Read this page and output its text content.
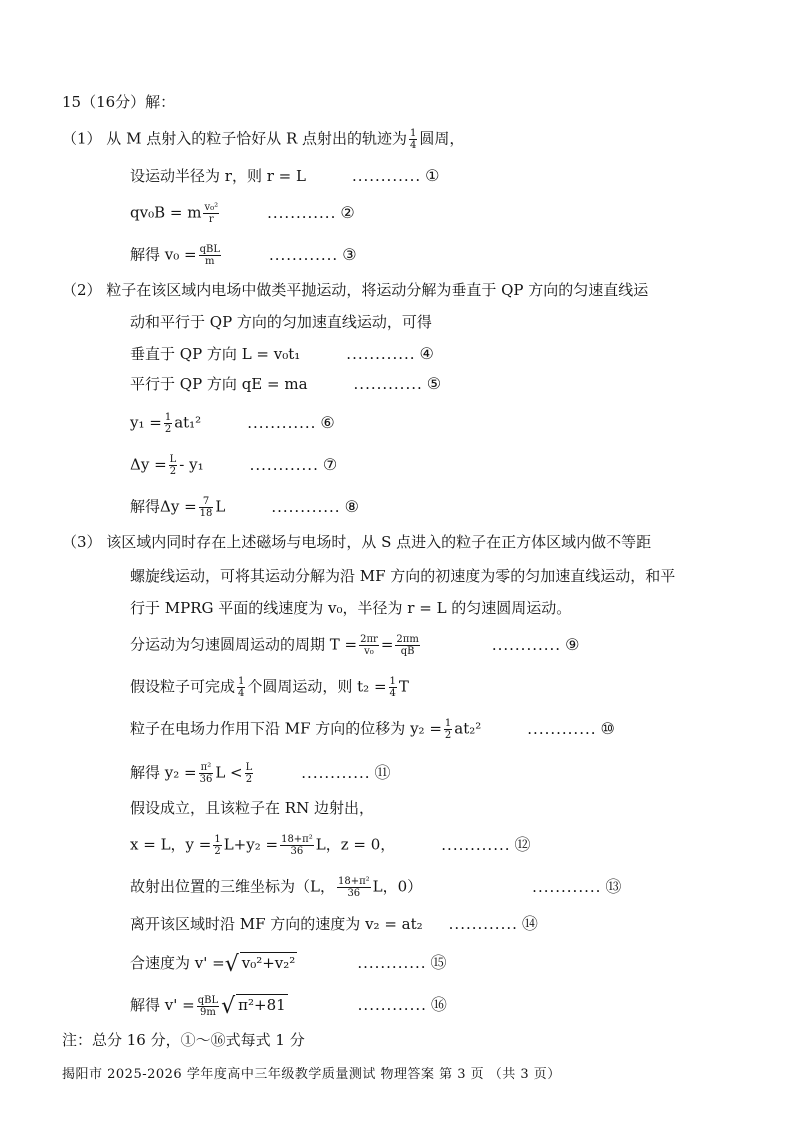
15（16分）解：
（1） 从 M 点射入的粒子恰好从 R 点射出的轨迹为 $\frac{1}{4}$ 圆周，
设运动半径为 r，则 r = L	............ ①
qv₀B = m $\frac{\text{v₀²}}{r}$	............ ②
解得 $v_0 = \frac{\text{qBL}}{m}$	............ ③
（2） 粒子在该区域内电场中做类平抛运动，将运动分解为垂直于 QP 方向的匀速直线运
动和平行于 QP 方向的匀加速直线运动，可得
垂直于 QP 方向 L = v₀t₁	............ ④
平行于 QP 方向 qE = ma	............ ⑤
$y_1 = \frac{1}{2} at_1^2$	............ ⑥
$\Delta y = \frac{L}{2} - y_1$	............ ⑦
解得$\Delta y = \frac{7}{18}$ L	............ ⑧
（3） 该区域内同时存在上述磁场与电场时，从 S 点进入的粒子在正方体区域内做不等距
螺旋线运动，可将其运动分解为沿 MF 方向的初速度为零的匀加速直线运动，和平
行于 MPRG 平面的线速度为 v₀，半径为 r = L 的匀速圆周运动。
分运动为匀速圆周运动的周期 $T = \frac{2\pi r}{\text{v₀}} = \frac{2\pi m}{qB}$	............ ⑨
假设粒子可完成 $\frac{1}{4}$ 个圆周运动，则 $t_2 = \frac{1}{4}$ T
粒子在电场力作用下沿 MF 方向的位移为 $y_2 = \frac{1}{2} at_2^2$	............ ⑩
解得 $y_2 = \frac{\text{π²}}{36}$ $L < \frac{L}{2}$	............ ⑪
假设成立，且该粒子在 RN 边射出，
x = L，$y = \frac{1}{2} L+y_2 = \frac{\text{18+π²}}{36}$ L，z = 0，	............ ⑫
故射出位置的三维坐标为（L， $\frac{\text{18+π²}}{36}$ L，0）	............ ⑬
离开该区域时沿 MF 方向的速度为 v₂ = at₂ ............ ⑭
合速度为 v' =√ v₀²+v₂²	............ ⑮
解得 $v' = \frac{\text{qBL}}{9m}$ √ π²+81	............ ⑯
注：总分 16 分，①～⑯式每式 1 分
揭阳市 2025-2026 学年度高中三年级教学质量测试 物理答案 第 3 页 （共 3 页）
